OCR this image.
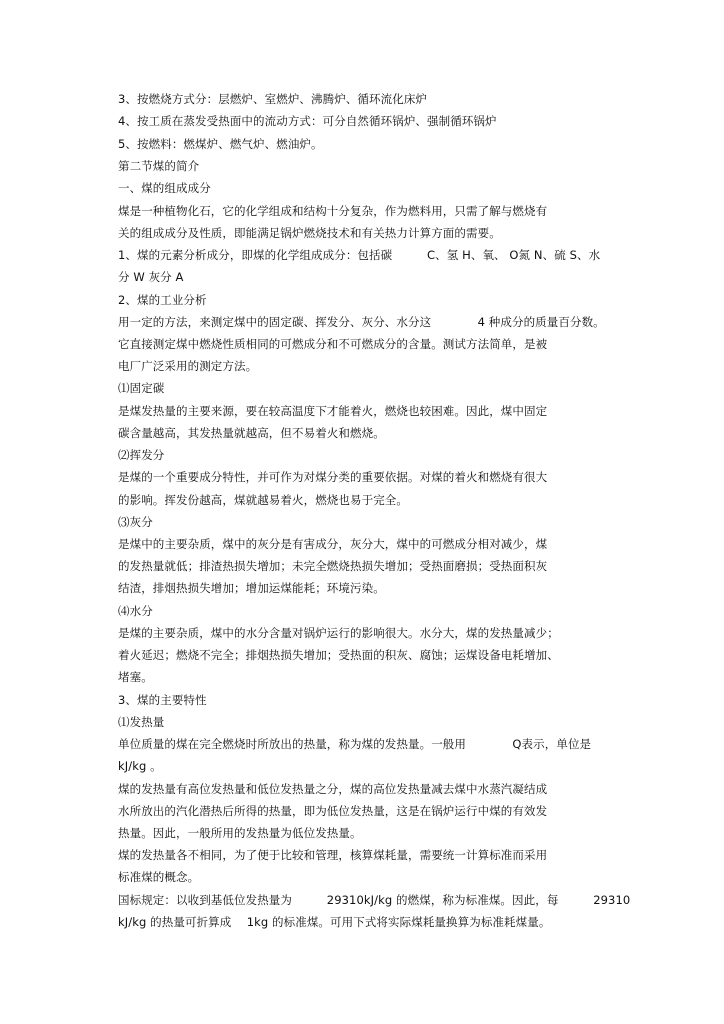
3、按燃烧方式分：层燃炉、室燃炉、沸腾炉、循环流化床炉
4、按工质在蒸发受热面中的流动方式：可分自然循环锅炉、强制循环锅炉
5、按燃料：燃煤炉、燃气炉、燃油炉。
第二节煤的简介
一、煤的组成成分
煤是一种植物化石，它的化学组成和结构十分复杂，作为燃料用，只需了解与燃烧有
关的组成成分及性质，即能满足锅炉燃烧技术和有关热力计算方面的需要。
1、煤的元素分析成分，即煤的化学组成成分：包括碳　　　C、氢 H、氧、 O氮 N、硫 S、水
分 W 灰分 A
2、煤的工业分析
用一定的方法，来测定煤中的固定碳、挥发分、灰分、水分这　　　　4 种成分的质量百分数。
它直接测定煤中燃烧性质相同的可燃成分和不可燃成分的含量。测试方法简单，是被
电厂广泛采用的测定方法。
⑴固定碳
是煤发热量的主要来源，要在较高温度下才能着火，燃烧也较困难。因此，煤中固定
碳含量越高，其发热量就越高，但不易着火和燃烧。
⑵挥发分
是煤的一个重要成分特性，并可作为对煤分类的重要依据。对煤的着火和燃烧有很大
的影响。挥发份越高，煤就越易着火，燃烧也易于完全。
⑶灰分
是煤中的主要杂质，煤中的灰分是有害成分，灰分大，煤中的可燃成分相对减少，煤
的发热量就低；排渣热损失增加；未完全燃烧热损失增加；受热面磨损；受热面积灰
结渣，排烟热损失增加；增加运煤能耗；环境污染。
⑷水分
是煤的主要杂质，煤中的水分含量对锅炉运行的影响很大。水分大，煤的发热量减少；
着火延迟；燃烧不完全；排烟热损失增加；受热面的积灰、腐蚀；运煤设备电耗增加、
堵塞。
3、煤的主要特性
⑴发热量
单位质量的煤在完全燃烧时所放出的热量，称为煤的发热量。一般用　　　　Q表示，单位是
kJ/kg 。
煤的发热量有高位发热量和低位发热量之分，煤的高位发热量减去煤中水蒸汽凝结成
水所放出的汽化潜热后所得的热量，即为低位发热量，这是在锅炉运行中煤的有效发
热量。因此，一般所用的发热量为低位发热量。
煤的发热量各不相同，为了便于比较和管理，核算煤耗量，需要统一计算标准而采用
标准煤的概念。
国标规定：以收到基低位发热量为　　　29310kJ/kg 的燃煤，称为标准煤。因此，每　　　29310
kJ/kg 的热量可折算成　 1kg 的标准煤。可用下式将实际煤耗量换算为标准耗煤量。
